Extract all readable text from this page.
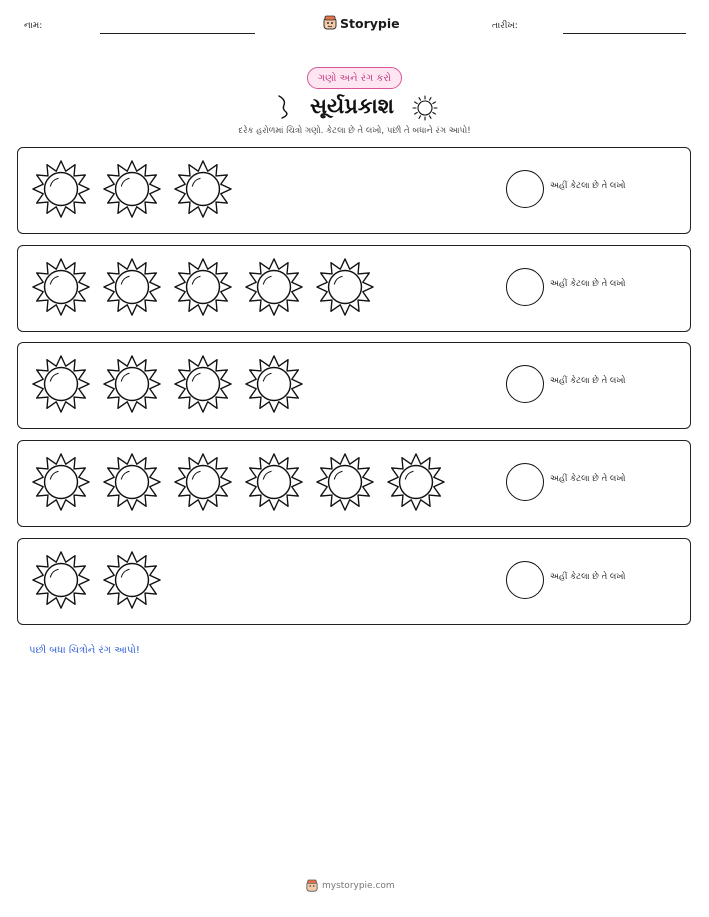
નામ:	Storypie	તારીખ:
ગણો અને રંગ કરો
સૂર્યપ્રકાશ
દરેક હરોળમાં ચિત્રો ગણો. કેટલા છે તે લખો, પછી તે બધાને રંગ આપો!
અહીં કેટલા છે તે લખો
અહીં કેટલા છે તે લખો
અહીં કેટલા છે તે લખો
અહીં કેટલા છે તે લખો
અહીં કેટલા છે તે લખો
પછી બધા ચિત્રોને રંગ આપો!
mystorypie.com
